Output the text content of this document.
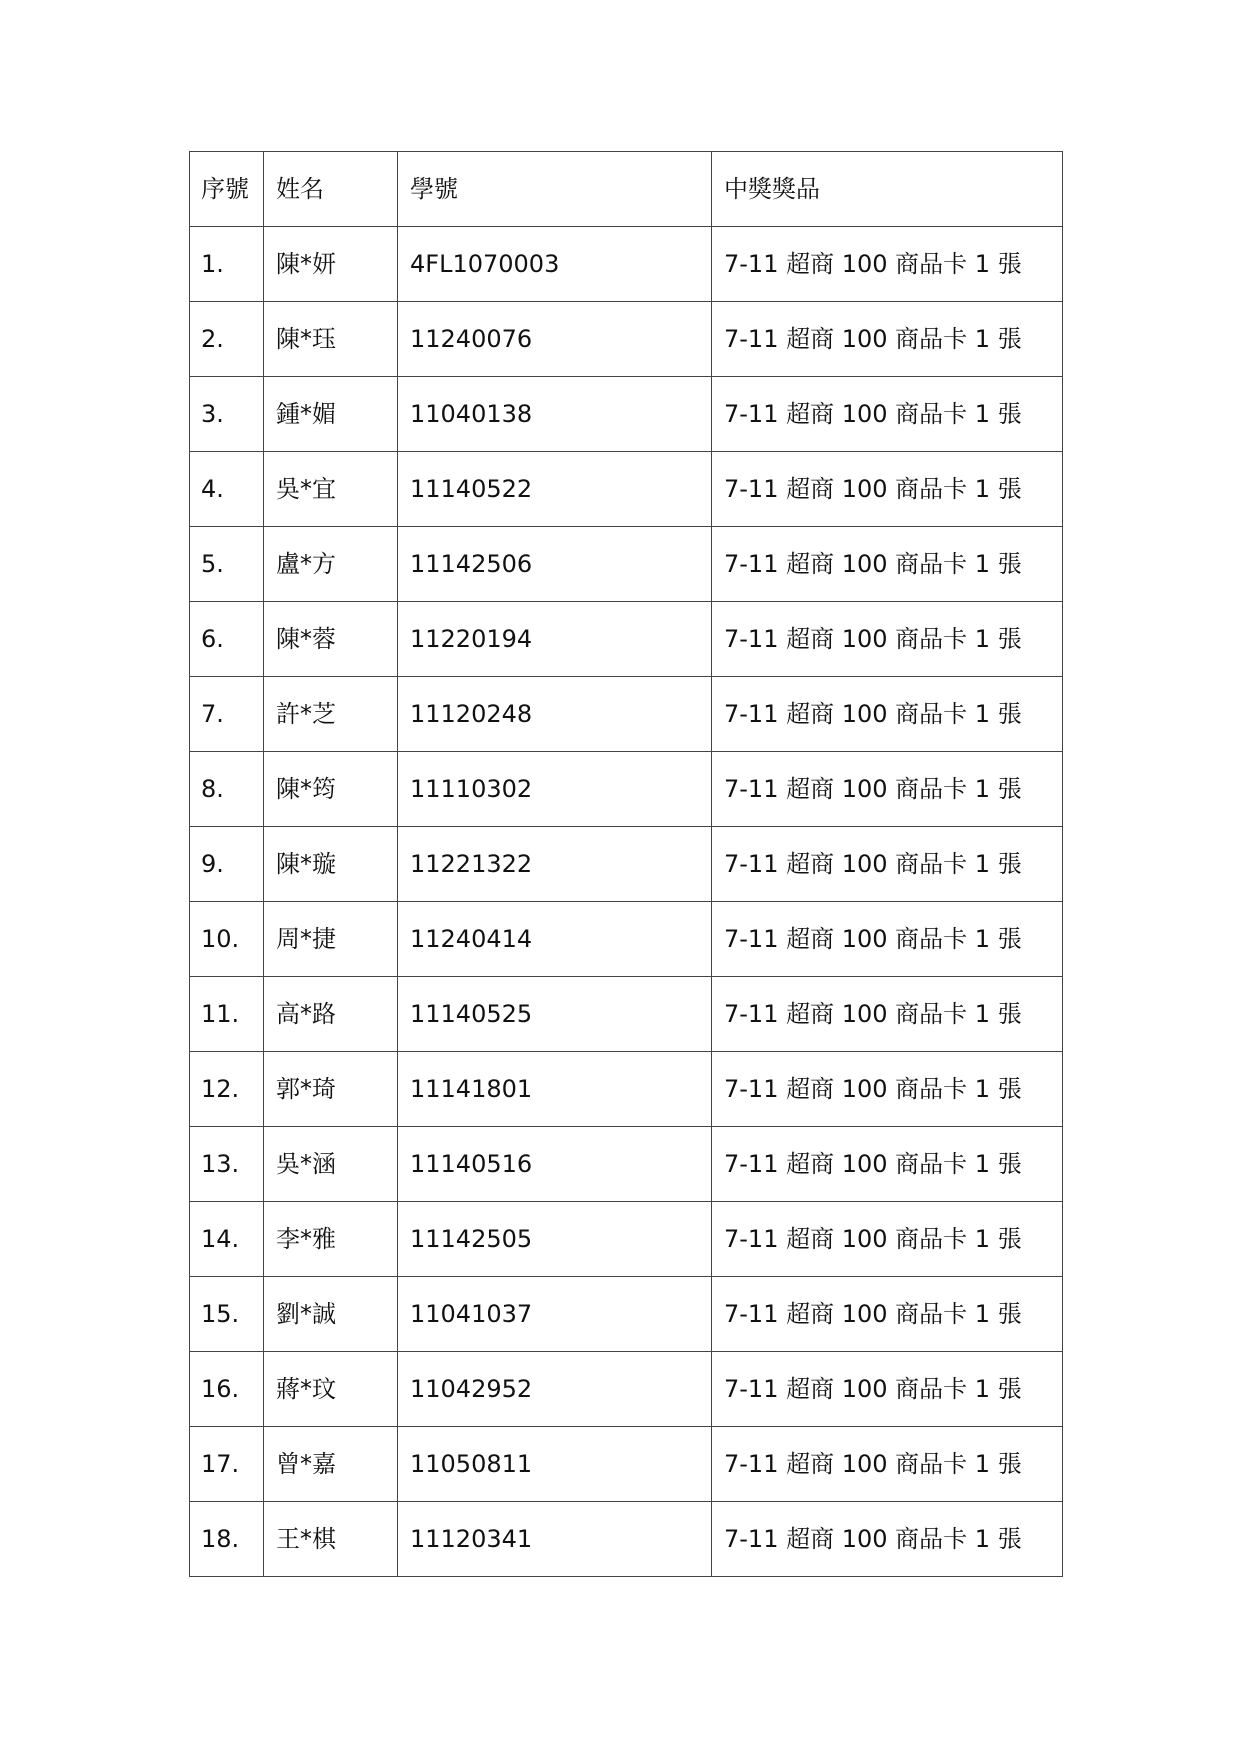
序號	姓名	學號	中獎獎品
1.	陳*妍	4FL1070003	7-11 超商 100 商品卡 1 張
2.	陳*珏	11240076	7-11 超商 100 商品卡 1 張
3.	鍾*媚	11040138	7-11 超商 100 商品卡 1 張
4.	吳*宜	11140522	7-11 超商 100 商品卡 1 張
5.	盧*方	11142506	7-11 超商 100 商品卡 1 張
6.	陳*蓉	11220194	7-11 超商 100 商品卡 1 張
7.	許*芝	11120248	7-11 超商 100 商品卡 1 張
8.	陳*筠	11110302	7-11 超商 100 商品卡 1 張
9.	陳*璇	11221322	7-11 超商 100 商品卡 1 張
10.	周*捷	11240414	7-11 超商 100 商品卡 1 張
11.	高*路	11140525	7-11 超商 100 商品卡 1 張
12.	郭*琦	11141801	7-11 超商 100 商品卡 1 張
13.	吳*涵	11140516	7-11 超商 100 商品卡 1 張
14.	李*雅	11142505	7-11 超商 100 商品卡 1 張
15.	劉*誠	11041037	7-11 超商 100 商品卡 1 張
16.	蔣*玟	11042952	7-11 超商 100 商品卡 1 張
17.	曾*嘉	11050811	7-11 超商 100 商品卡 1 張
18.	王*棋	11120341	7-11 超商 100 商品卡 1 張
